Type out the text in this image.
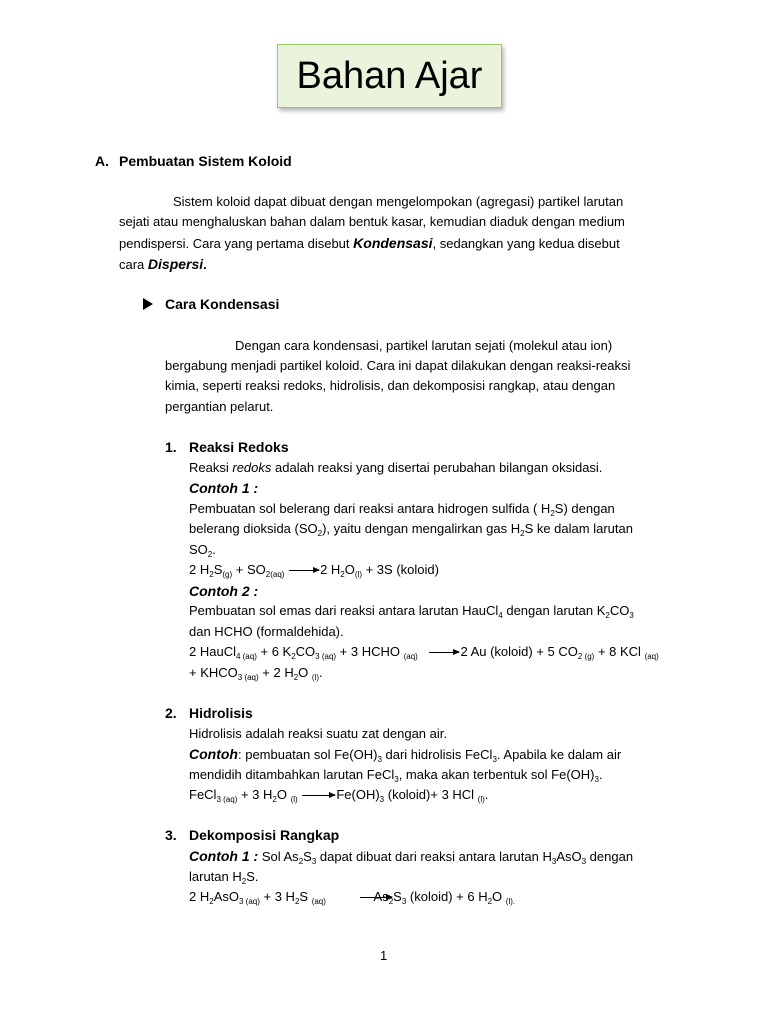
Bahan Ajar
A. Pembuatan Sistem Koloid
Sistem koloid dapat dibuat dengan mengelompokan (agregasi) partikel larutan
sejati atau menghaluskan bahan dalam bentuk kasar, kemudian diaduk dengan medium
pendispersi. Cara yang pertama disebut Kondensasi, sedangkan yang kedua disebut
cara Dispersi.
Cara Kondensasi
Dengan cara kondensasi, partikel larutan sejati (molekul atau ion)
bergabung menjadi partikel koloid. Cara ini dapat dilakukan dengan reaksi-reaksi
kimia, seperti reaksi redoks, hidrolisis, dan dekomposisi rangkap, atau dengan
pergantian pelarut.
1. Reaksi Redoks
Reaksi redoks adalah reaksi yang disertai perubahan bilangan oksidasi.
Contoh 1 :
Pembuatan sol belerang dari reaksi antara hidrogen sulfida ( $H_2S$) dengan
belerang dioksida $(SO_2)$, yaitu dengan mengalirkan gas $H_2S$ ke dalam larutan
$SO_2$.
2 $H_2S_{(g)} + SO_{2(aq)} \to 2$ $H_2O_{(l)} + 3S$ (koloid)
Contoh 2 :
Pembuatan sol emas dari reaksi antara larutan HauCl$_4$ dengan larutan $K_2CO_3$
dan HCHO (formaldehida).
2 HauCl$_{4 (aq)}$ + 6 $K_2CO_{3 (aq)} + 3$ HCHO $_{(aq)}$ →2 Au (koloid) + 5 $CO_{2 (g)} + 8$ KCl $_{(aq)}$
+ $KHCO_{3 (aq)} + 2$ $H_2O$ $_{(l)}$.
2. Hidrolisis
Hidrolisis adalah reaksi suatu zat dengan air.
Contoh: pembuatan sol $Fe(OH)_3$ dari hidrolisis FeCl$_3$. Apabila ke dalam air
mendidih ditambahkan larutan FeCl$_3$, maka akan terbentuk sol $Fe(OH)_3$.
FeCl$_{3 (aq)}$ + 3 $H_2O$ $_{(l)} \to Fe(OH)_3$ (koloid)+ 3 HCl $_{(l)}$.
3. Dekomposisi Rangkap
Contoh 1 : Sol $As_2S_3$ dapat dibuat dari reaksi antara larutan $H_3AsO_3$ dengan
larutan $H_2S$.
2 $H_2AsO_{3 (aq)} + 3$ $H_2S$ $_{(aq)}$	$As_2S_3$ (koloid) + 6 $H_2O$ $_{(l).}$
1
